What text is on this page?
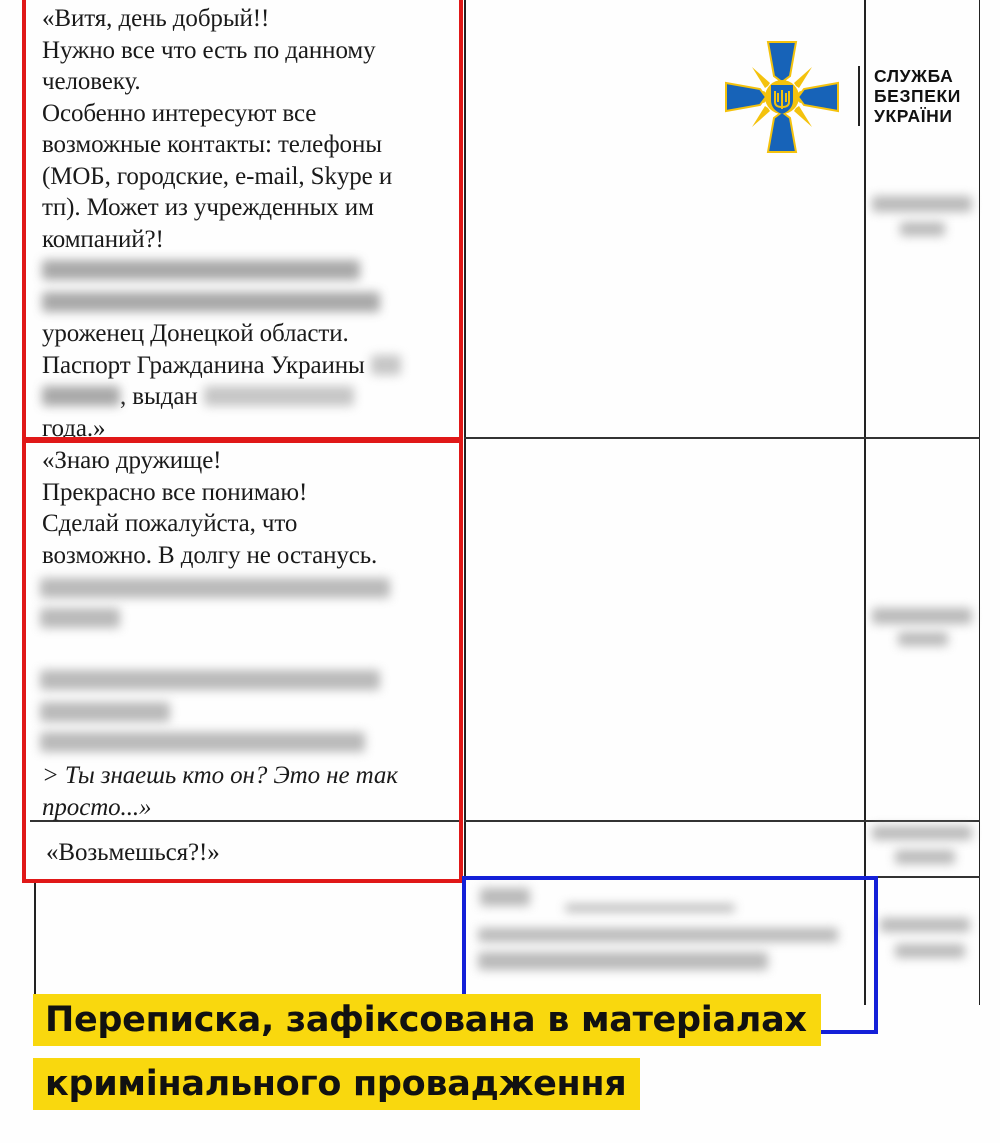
«Витя, день добрый!!
Нужно все что есть по данному
человеку.
Особенно интересуют все
возможные контакты: телефоны
(МОБ, городские, e-mail, Skype и
тп). Может из учрежденных им
компаний?!
уроженец Донецкой области.
Паспорт Гражданина Украины
, выдан
года.»
«Знаю дружище!
Прекрасно все понимаю!
Сделай пожалуйста, что
возможно. В долгу не останусь.
> Ты знаешь кто он? Это не так
просто...»
«Возьмешься?!»
СЛУЖБА
БЕЗПЕКИ
УКРАЇНИ
Переписка, зафіксована в матеріалах
кримінального провадження
